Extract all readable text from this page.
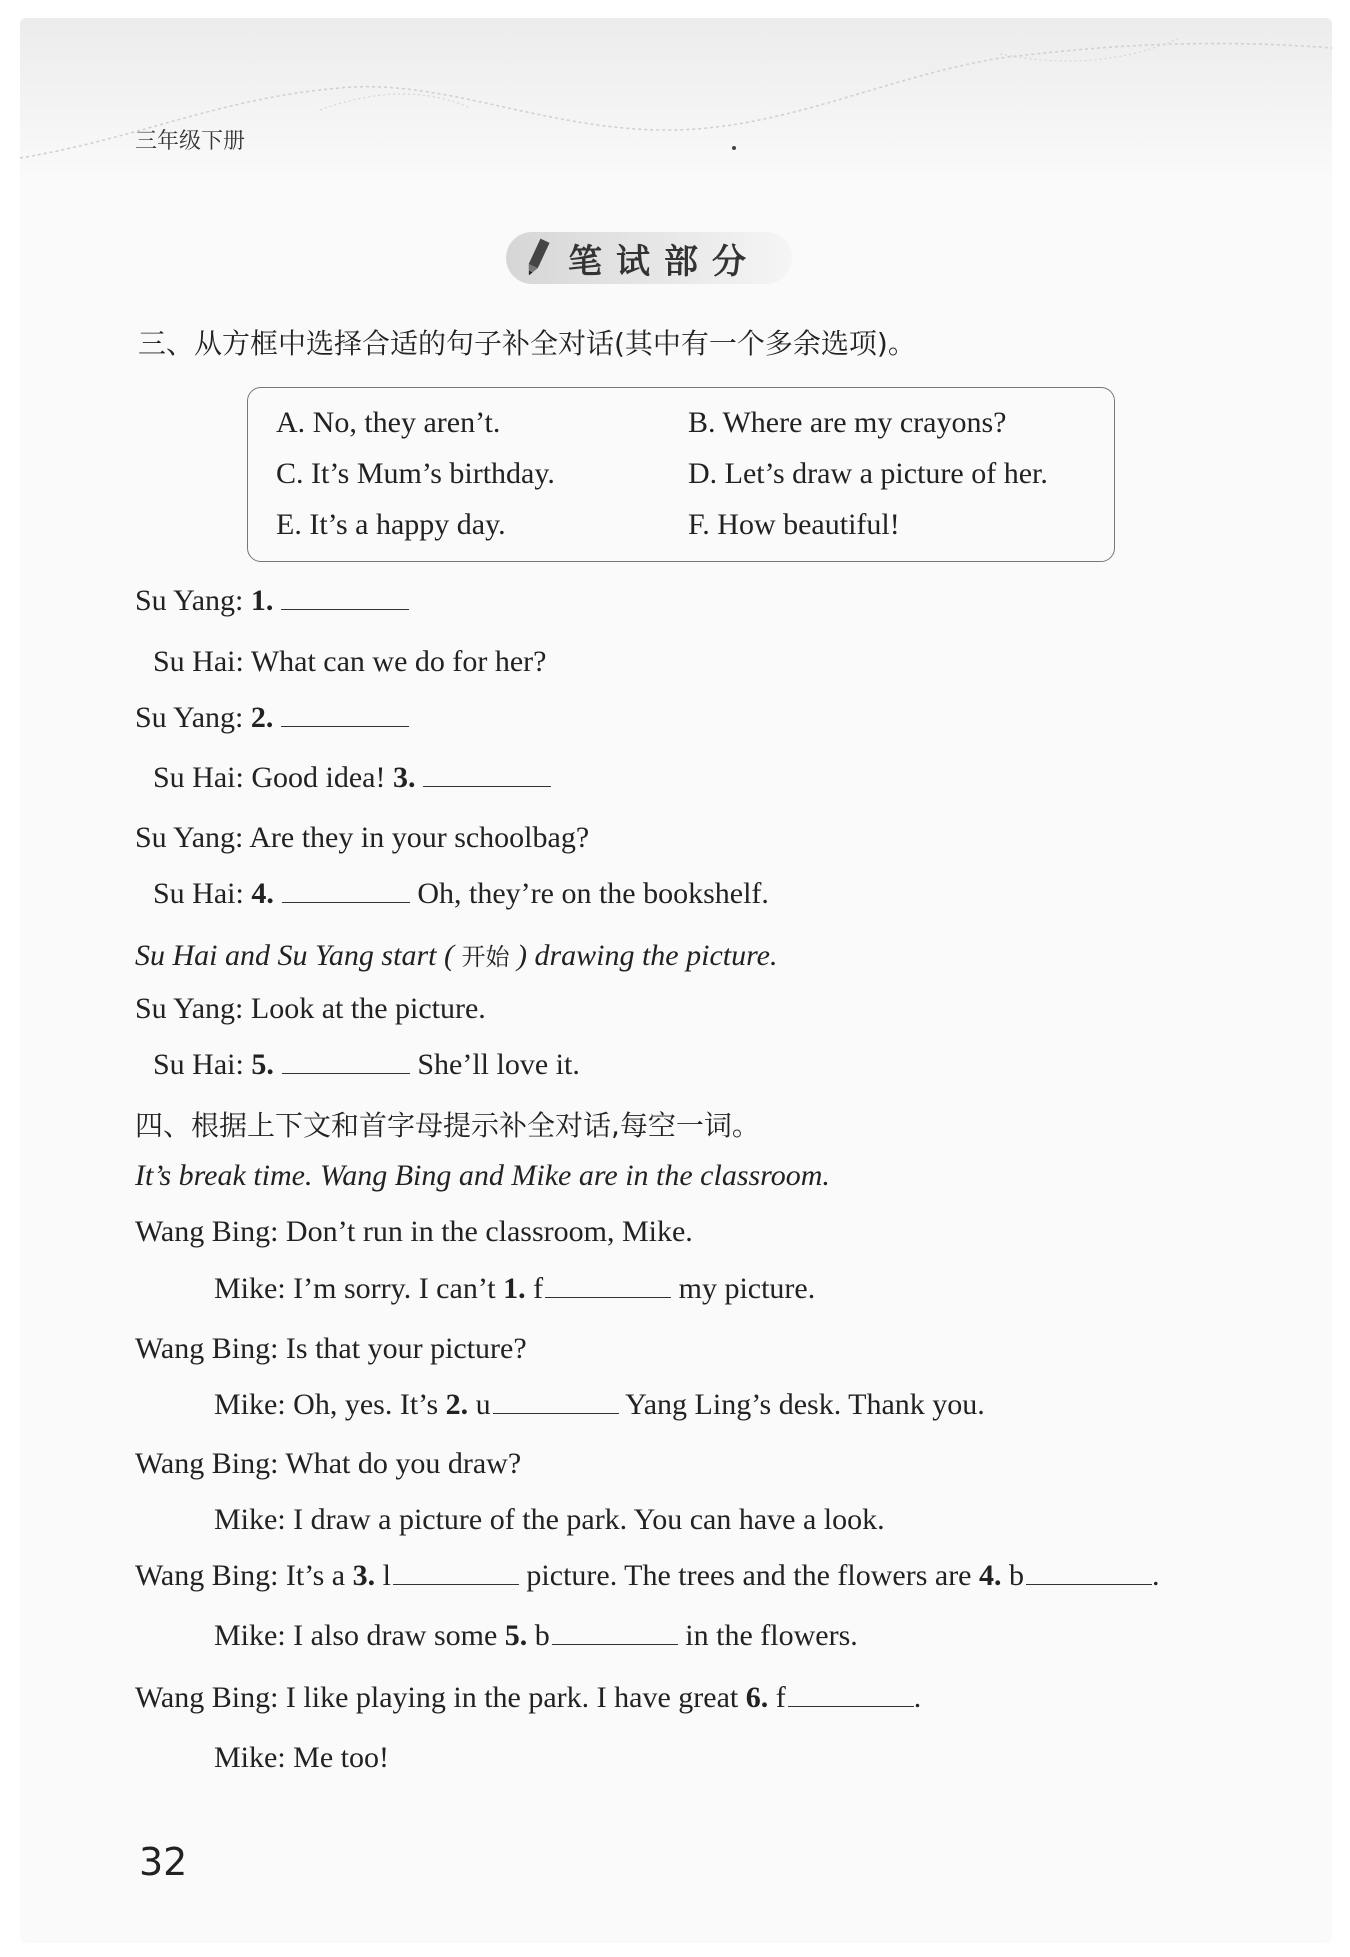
三年级下册
笔试部分
三、从方框中选择合适的句子补全对话(其中有一个多余选项)。
A. No, they aren’t.	B. Where are my crayons?
C. It’s Mum’s birthday.	D. Let’s draw a picture of her.
E. It’s a happy day.	F. How beautiful!
Su Yang: 1.
Su Hai: What can we do for her?
Su Yang: 2.
Su Hai: Good idea! 3.
Su Yang: Are they in your schoolbag?
Su Hai: 4.	Oh, they’re on the bookshelf.
Su Hai and Su Yang start ( 开始 ) drawing the picture.
Su Yang: Look at the picture.
Su Hai: 5.	She’ll love it.
四、根据上下文和首字母提示补全对话,每空一词。
It’s break time. Wang Bing and Mike are in the classroom.
Wang Bing: Don’t run in the classroom, Mike.
Mike: I’m sorry. I can’t 1. f	my picture.
Wang Bing: Is that your picture?
Mike: Oh, yes. It’s 2. u	Yang Ling’s desk. Thank you.
Wang Bing: What do you draw?
Mike: I draw a picture of the park. You can have a look.
Wang Bing: It’s a 3. l	picture. The trees and the flowers are 4. b	.
Mike: I also draw some 5. b	in the flowers.
Wang Bing: I like playing in the park. I have great 6. f	.
Mike: Me too!
32
